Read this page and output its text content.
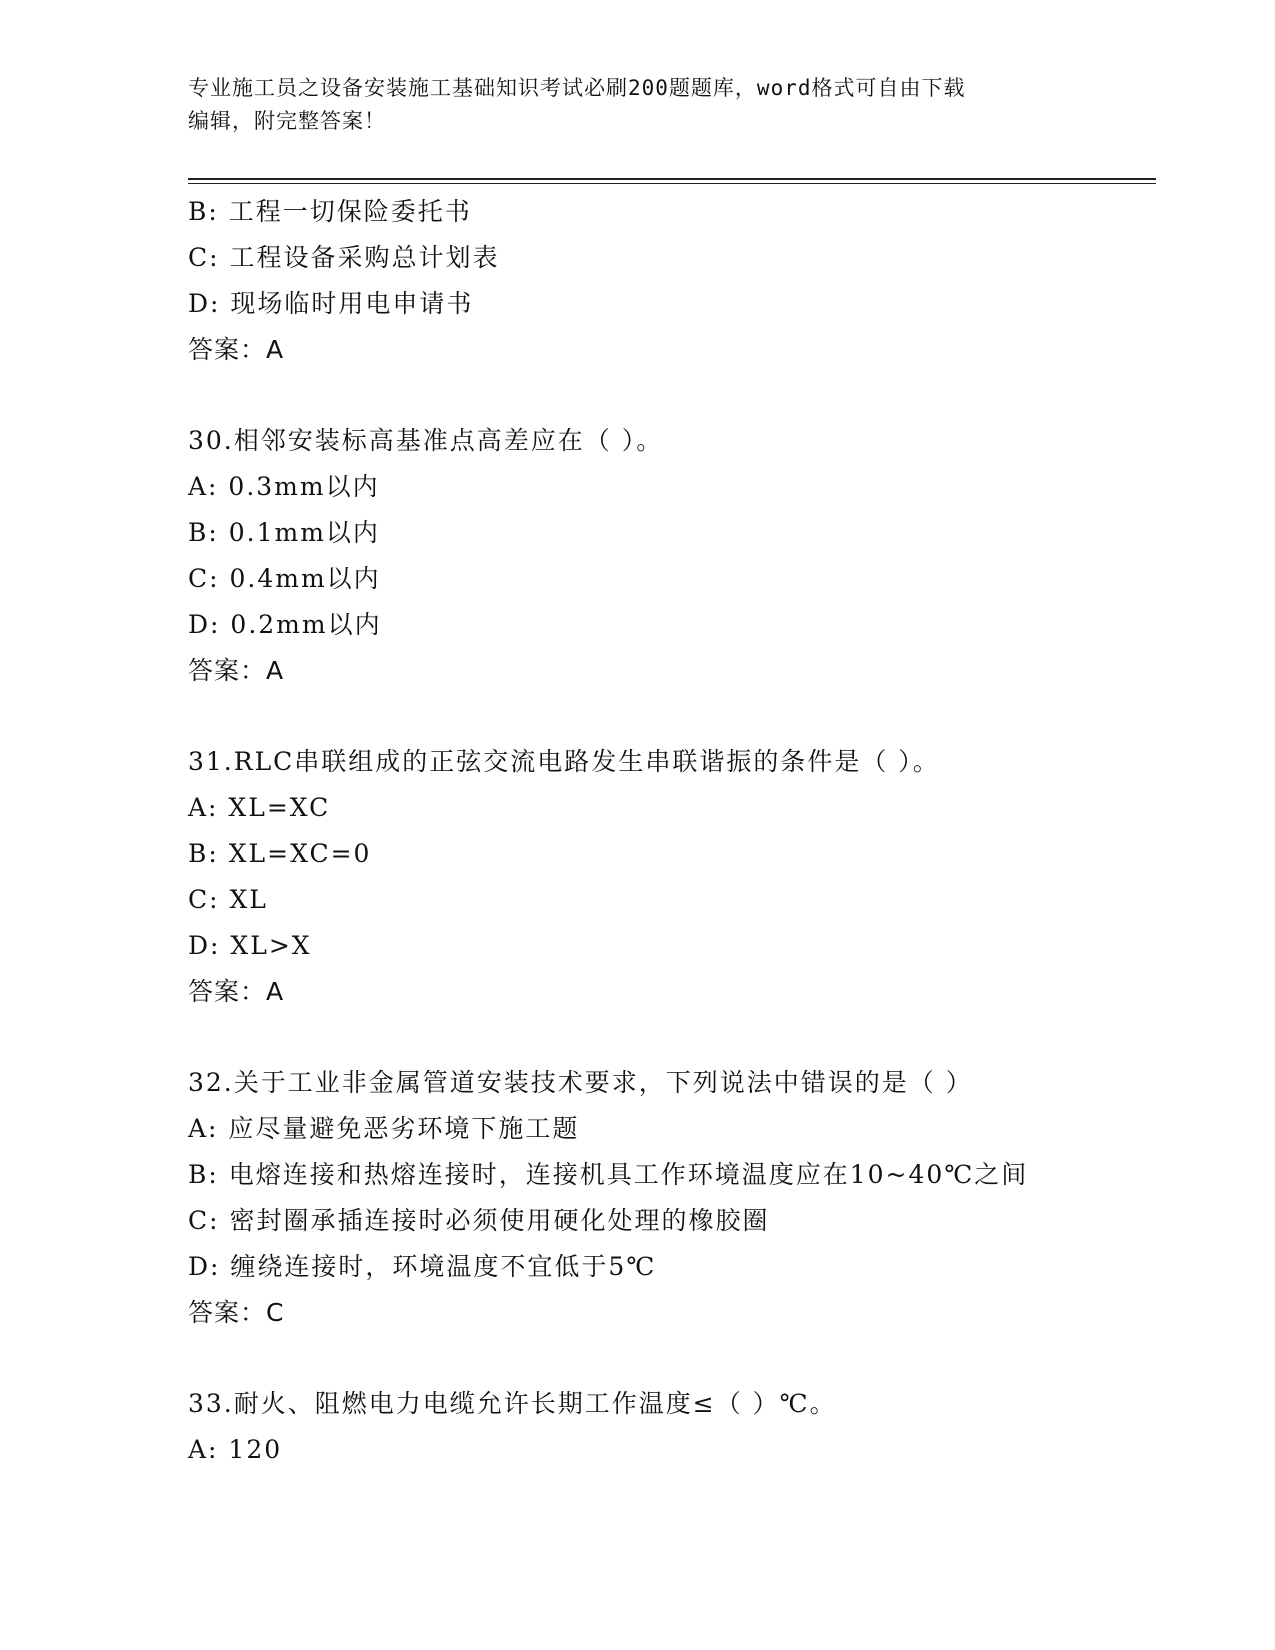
专业施工员之设备安装施工基础知识考试必刷200题题库，word格式可自由下载
编辑，附完整答案！
B: 工程一切保险委托书
C: 工程设备采购总计划表
D: 现场临时用电申请书
答案：A
30.相邻安装标高基准点高差应在（ ）。
A: 0.3mm以内
B: 0.1mm以内
C: 0.4mm以内
D: 0.2mm以内
答案：A
31.RLC串联组成的正弦交流电路发生串联谐振的条件是（ ）。
A: XL=XC
B: XL=XC=0
C: XL
D: XL>X
答案：A
32.关于工业非金属管道安装技术要求，下列说法中错误的是（ ）
A: 应尽量避免恶劣环境下施工题
B: 电熔连接和热熔连接时，连接机具工作环境温度应在10~40℃之间
C: 密封圈承插连接时必须使用硬化处理的橡胶圈
D: 缠绕连接时，环境温度不宜低于5℃
答案：C
33.耐火、阻燃电力电缆允许长期工作温度≤（ ）℃。
A: 120
